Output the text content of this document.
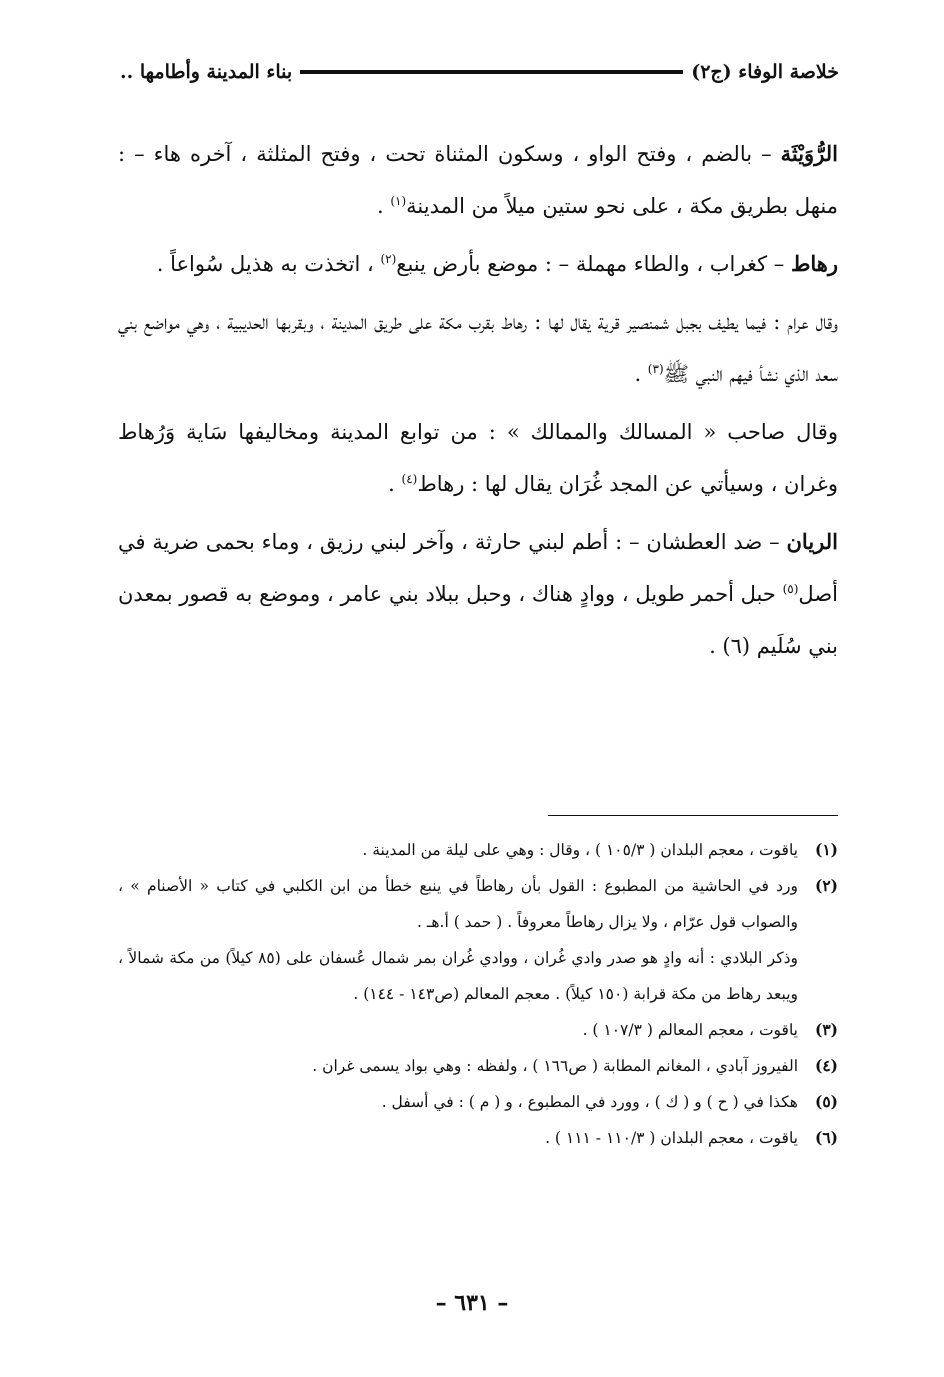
خلاصة الوفاء (ج٢)
بناء المدينة وأطامها ..

الرُّوَيْثَة – بالضم ، وفتح الواو ، وسكون المثناة تحت ، وفتح المثلثة ، آخره هاء – : منهل بطريق مكة ، على نحو ستين ميلاً من المدينة$^{(١)}$ .

رهاط – كغراب ، والطاء مهملة – : موضع بأرض ينبع$^{(٢)}$ ، اتخذت به هذيل سُواعاً .

وقال عرام : فيما يطيف بجبل شمنصير قرية يقال لها : رهاط بقرب مكة على طريق المدينة ، وبقربها الحديبية ، وهي مواضع بني سعد الذي نشأ فيهم النبي ﷺ$^{(٣)}$ .

وقال صاحب « المسالك والممالك » : من توابع المدينة ومخاليفها سَاية وَرُهاط وغران ، وسيأتي عن المجد غُرَان يقال لها : رهاط$^{(٤)}$ .

الريان – ضد العطشان – : أطم لبني حارثة ، وآخر لبني رزيق ، وماء بحمى ضرية في أصل$^{(٥)}$ حبل أحمر طويل ، ووادٍ هناك ، وحبل ببلاد بني عامر ، وموضع به قصور بمعدن بني سُلَيم (٦) .

(١)
ياقوت ، معجم البلدان ( ١٠٥/٣ ) ، وقال : وهي على ليلة من المدينة .
(٢)
ورد في الحاشية من المطبوع : القول بأن رهاطاً في ينبع خطأ من ابن الكلبي في كتاب « الأصنام » ، والصواب قول عرّام ، ولا يزال رهاطاً معروفاً . ( حمد ) أ.هـ .
وذكر البلادي : أنه وادٍ هو صدر وادي غُران ، ووادي غُران بمر شمال عُسفان على (٨٥ كيلاً) من مكة شمالاً ، ويبعد رهاط من مكة قرابة (١٥٠ كيلاً) . معجم المعالم (ص١٤٣ - ١٤٤) .
(٣)
ياقوت ، معجم المعالم ( ١٠٧/٣ ) .
(٤)
الفيروز آبادي ، المغانم المطابة ( ص١٦٦ ) ، ولفظه : وهي بواد يسمى غران .
(٥)
هكذا في ( ح ) و ( ك ) ، وورد في المطبوع ، و ( م ) : في أسفل .
(٦)
ياقوت ، معجم البلدان ( ١١٠/٣ - ١١١ ) .
– ٦٣١ –
